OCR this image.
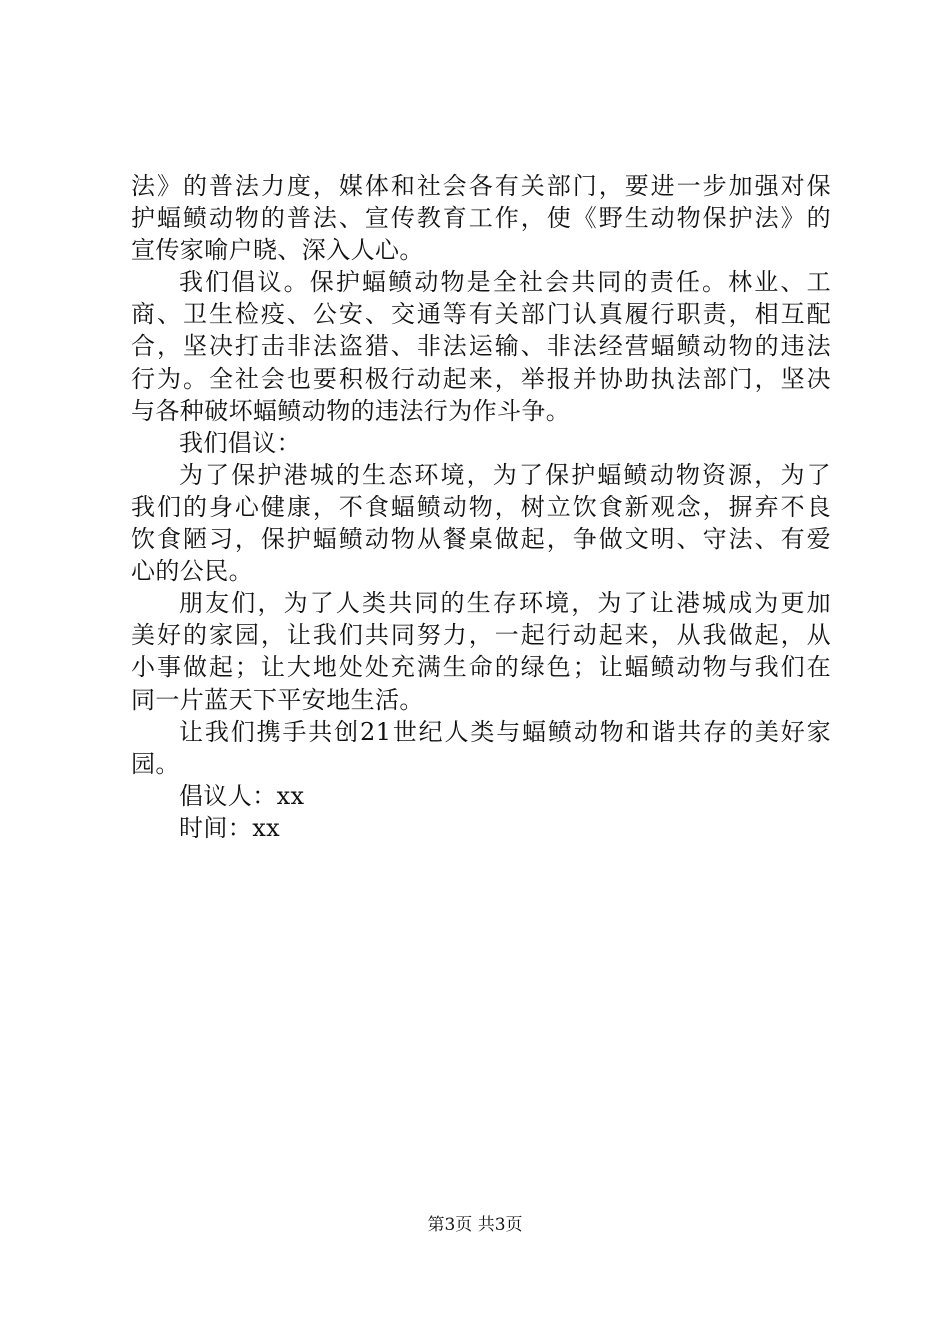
法》的普法力度，媒体和社会各有关部门，要进一步加强对保
护蝠鲼动物的普法、宣传教育工作，使《野生动物保护法》的
宣传家喻户晓、深入人心。
我们倡议。保护蝠鲼动物是全社会共同的责任。林业、工
商、卫生检疫、公安、交通等有关部门认真履行职责，相互配
合，坚决打击非法盗猎、非法运输、非法经营蝠鲼动物的违法
行为。全社会也要积极行动起来，举报并协助执法部门，坚决
与各种破坏蝠鲼动物的违法行为作斗争。
我们倡议：
为了保护港城的生态环境，为了保护蝠鲼动物资源，为了
我们的身心健康，不食蝠鲼动物，树立饮食新观念，摒弃不良
饮食陋习，保护蝠鲼动物从餐桌做起，争做文明、守法、有爱
心的公民。
朋友们，为了人类共同的生存环境，为了让港城成为更加
美好的家园，让我们共同努力，一起行动起来，从我做起，从
小事做起；让大地处处充满生命的绿色；让蝠鲼动物与我们在
同一片蓝天下平安地生活。
让我们携手共创21世纪人类与蝠鲼动物和谐共存的美好家
园。
倡议人：xx
时间：xx
第3页 共3页
